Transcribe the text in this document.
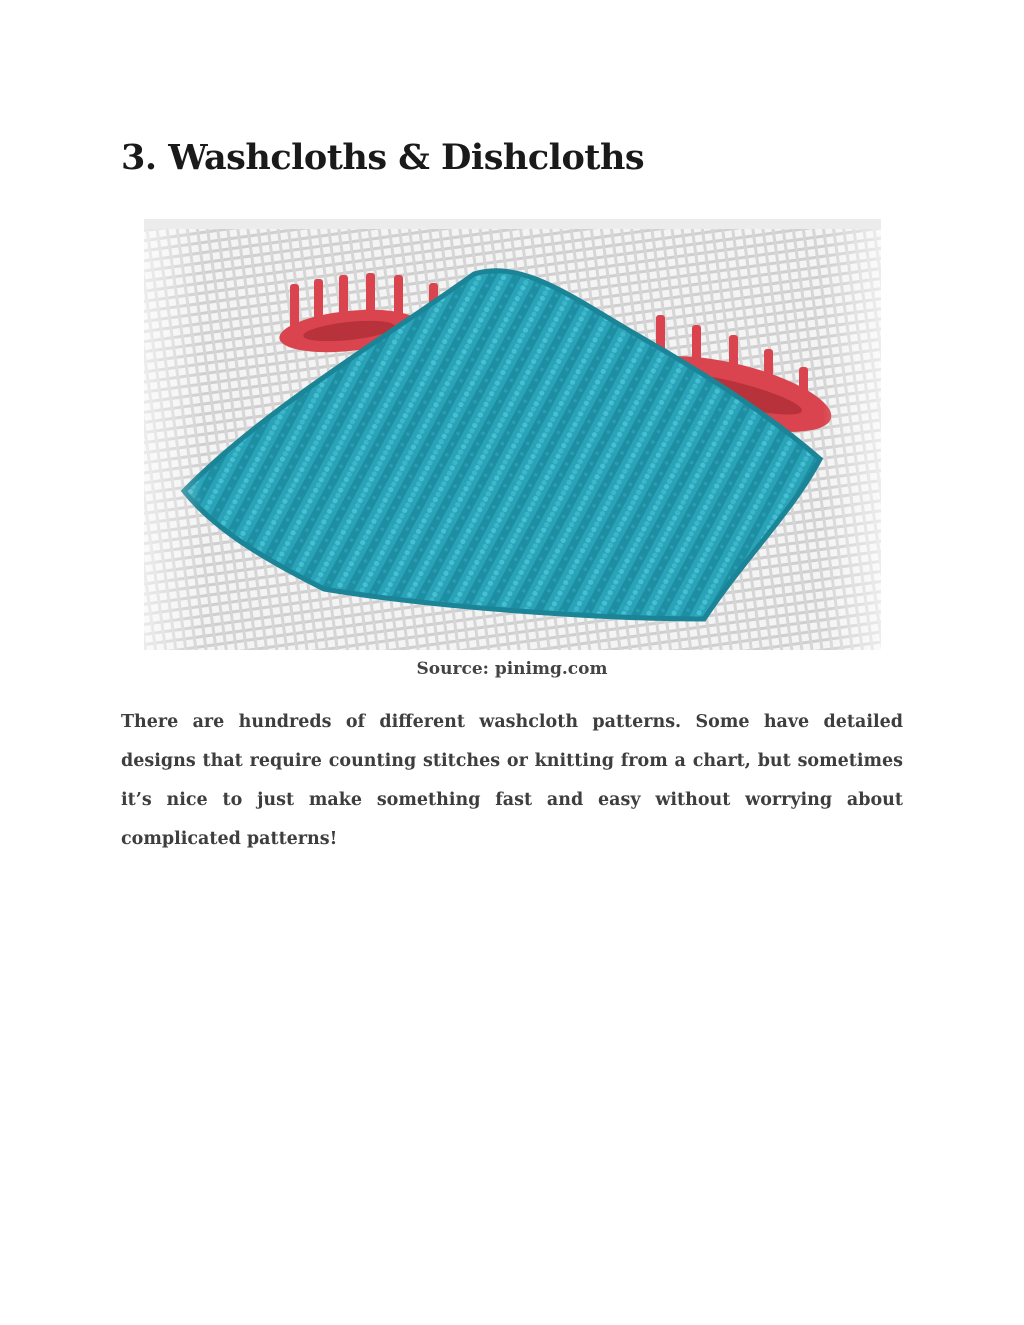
3. Washcloths & Dishcloths
Source: pinimg.com

There are hundreds of different washcloth patterns. Some have detailed designs that require counting stitches or knitting from a chart, but sometimes it’s nice to just make something fast and easy without worrying about complicated patterns!
